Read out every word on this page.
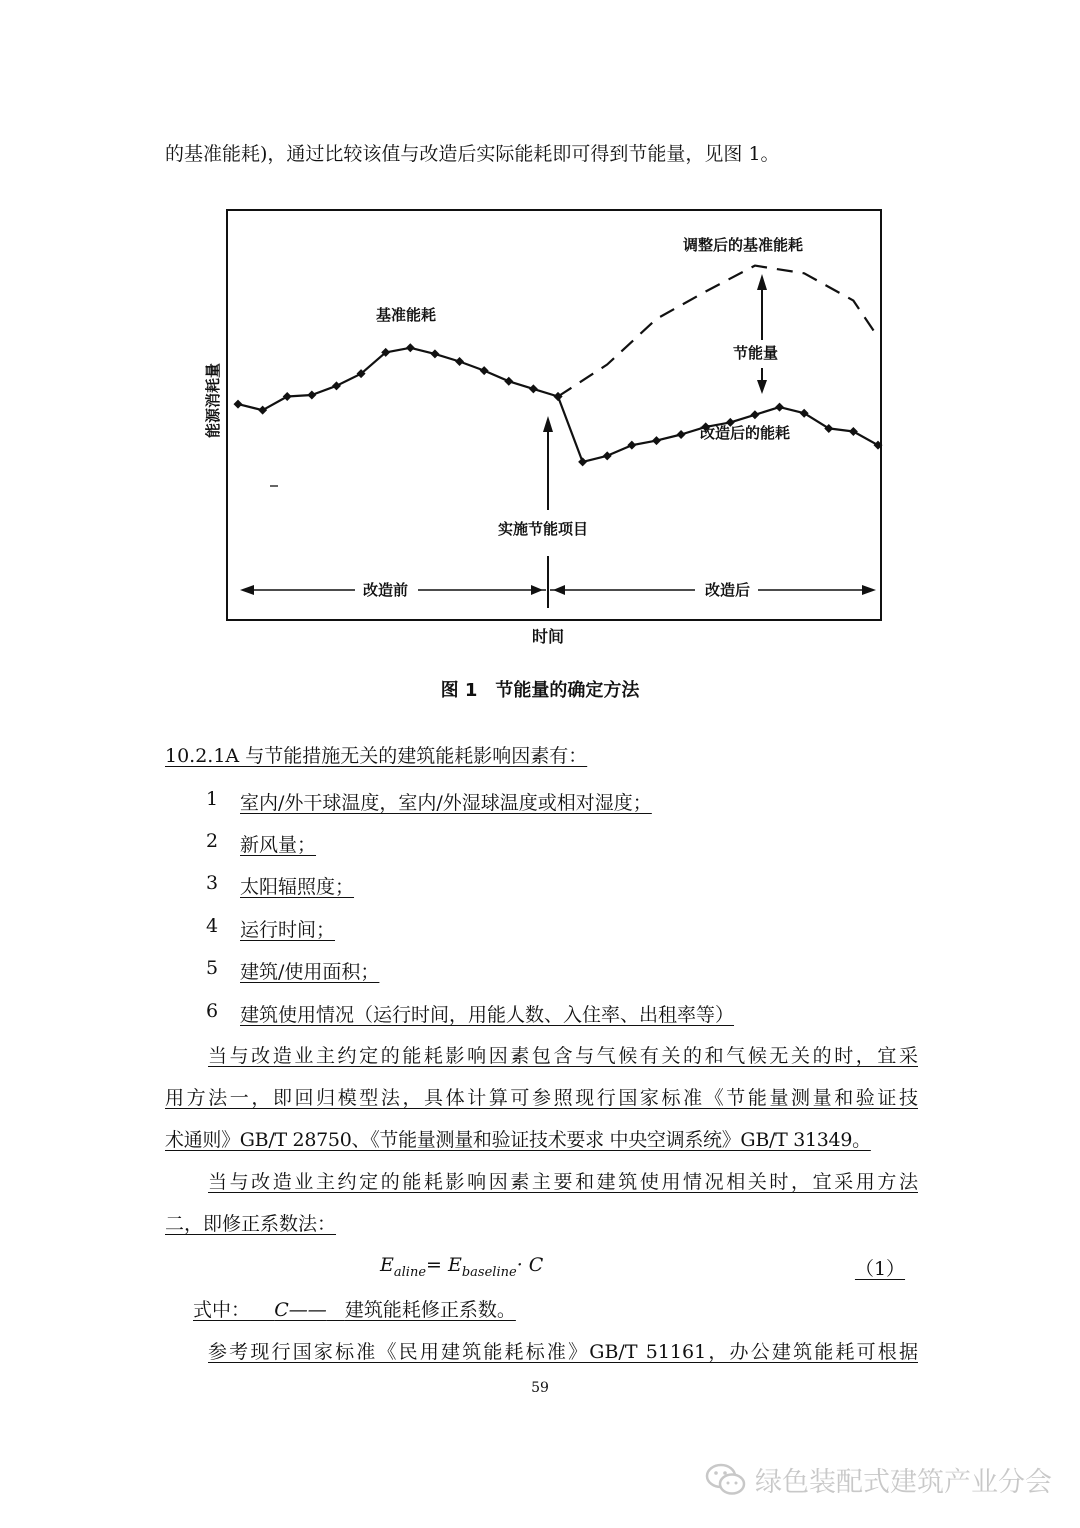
的基准能耗)，通过比较该值与改造后实际能耗即可得到节能量，见图 1。
能源消耗量
基准能耗
调整后的基准能耗
节能量
改造后的能耗
实施节能项目
改造前	改造后
时间
图 1　节能量的确定方法
10.2.1A 与节能措施无关的建筑能耗影响因素有：
1 室内/外干球温度，室内/外湿球温度或相对湿度；
2 新风量；
3 太阳辐照度；
4 运行时间；
5 建筑/使用面积；
6 建筑使用情况（运行时间，用能人数、入住率、出租率等）
当与改造业主约定的能耗影响因素包含与气候有关的和气候无关的时，宜采
用方法一，即回归模型法，具体计算可参照现行国家标准《节能量测量和验证技
术通则》GB/T 28750、《节能量测量和验证技术要求 中央空调系统》GB/T 31349。
当与改造业主约定的能耗影响因素主要和建筑使用情况相关时，宜采用方法
二，即修正系数法：
$E_{aline}= E_{baseline}\cdot C$	（1）
式中： C—— 建筑能耗修正系数。
参考现行国家标准《民用建筑能耗标准》GB/T 51161，办公建筑能耗可根据
59
绿色装配式建筑产业分会
